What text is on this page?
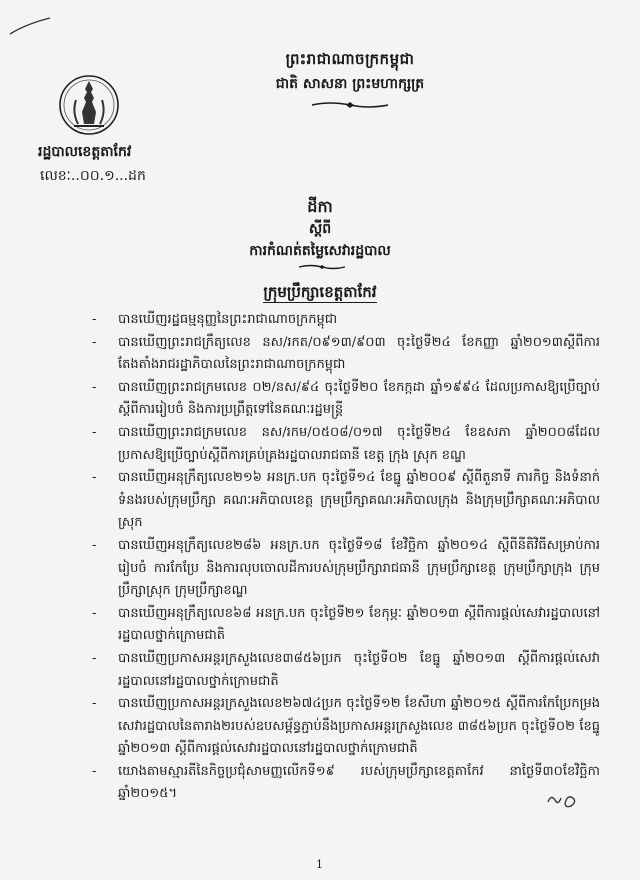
ព្រះរាជាណាចក្រកម្ពុជា
ជាតិ សាសនា ព្រះមហាក្សត្រ
រដ្ឋបាលខេត្តតាកែវ
លេខៈ..០០.១...ដក
ដីកា
ស្តីពី
ការកំណត់តម្លៃសេវារដ្ឋបាល
ក្រុមប្រឹក្សាខេត្តតាកែវ
-	បានឃើញរដ្ឋធម្មនុញ្ញនៃព្រះរាជាណាចក្រកម្ពុជា
-	បានឃើញព្រះរាជក្រឹត្យលេខ នស/រកត/០៩១៣/៩០៣ ចុះថ្ងៃទី២៤ ខែកញ្ញា ឆ្នាំ២០១៣ស្តីពីការតែងតាំងរាជរដ្ឋាភិបាលនៃព្រះរាជាណាចក្រកម្ពុជា
-	បានឃើញព្រះរាជក្រមលេខ ០២/នស/៩៤ ចុះថ្ងៃទី២០ ខែកក្កដា ឆ្នាំ១៩៩៤ ដែលប្រកាសឱ្យប្រើច្បាប់ស្តីពីការរៀបចំ និងការប្រព្រឹត្តទៅនៃគណៈរដ្ឋមន្ត្រី
-	បានឃើញព្រះរាជក្រមលេខ នស/រកម/០៥០៨/០១៧ ចុះថ្ងៃទី២៤ ខែឧសភា ឆ្នាំ២០០៨ដែលប្រកាសឱ្យប្រើច្បាប់ស្តីពីការគ្រប់គ្រងរដ្ឋបាលរាជធានី ខេត្ត ក្រុង ស្រុក ខណ្ឌ
-	បានឃើញអនុក្រឹត្យលេខ២១៦ អនក្រ.បក ចុះថ្ងៃទី១៤ ខែធ្នូ ឆ្នាំ២០០៩ ស្តីពីតួនាទី ភារកិច្ច និងទំនាក់ទំនងរបស់ក្រុមប្រឹក្សា គណៈអភិបាលខេត្ត ក្រុមប្រឹក្សាគណៈអភិបាលក្រុង និងក្រុមប្រឹក្សាគណៈអភិបាលស្រុក
-	បានឃើញអនុក្រឹត្យលេខ២៨៦ អនក្រ.បក ចុះថ្ងៃទី១៨ ខែវិច្ឆិកា ឆ្នាំ២០១៤ ស្តីពីនីតិវិធីសម្រាប់ការរៀបចំ ការកែប្រែ និងការលុបចោលដីការបស់ក្រុមប្រឹក្សារាជធានី ក្រុមប្រឹក្សាខេត្ត ក្រុមប្រឹក្សាក្រុង ក្រុមប្រឹក្សាស្រុក ក្រុមប្រឹក្សាខណ្ឌ
-	បានឃើញអនុក្រឹត្យលេខ៦៨ អនក្រ.បក ចុះថ្ងៃទី២១ ខែកុម្ភៈ ឆ្នាំ២០១៣ ស្តីពីការផ្តល់សេវារដ្ឋបាលនៅរដ្ឋបាលថ្នាក់ក្រោមជាតិ
-	បានឃើញប្រកាសអន្តរក្រសួងលេខ៣៨៥៦ប្រក ចុះថ្ងៃទី០២ ខែធ្នូ ឆ្នាំ២០១៣ ស្តីពីការផ្តល់សេវារដ្ឋបាលនៅរដ្ឋបាលថ្នាក់ក្រោមជាតិ
-	បានឃើញប្រកាសអន្តរក្រសួងលេខ២៦៧៤ប្រក ចុះថ្ងៃទី១២ ខែសីហា ឆ្នាំ២០១៥ ស្តីពីការកែប្រែកម្រងសេវារដ្ឋបាលនៃតារាង២របស់ឧបសម្ព័ន្ធភ្ជាប់នឹងប្រកាសអន្តរក្រសួងលេខ ៣៨៥៦ប្រក ចុះថ្ងៃទី០២ ខែធ្នូ ឆ្នាំ២០១៣ ស្តីពីការផ្តល់សេវារដ្ឋបាលនៅរដ្ឋបាលថ្នាក់ក្រោមជាតិ
-	យោងតាមស្មារតីនៃកិច្ចប្រជុំសាមញ្ញលើកទី១៩ របស់ក្រុមប្រឹក្សាខេត្តតាកែវ នាថ្ងៃទី៣០ខែវិច្ឆិកាឆ្នាំ២០១៥។
1
